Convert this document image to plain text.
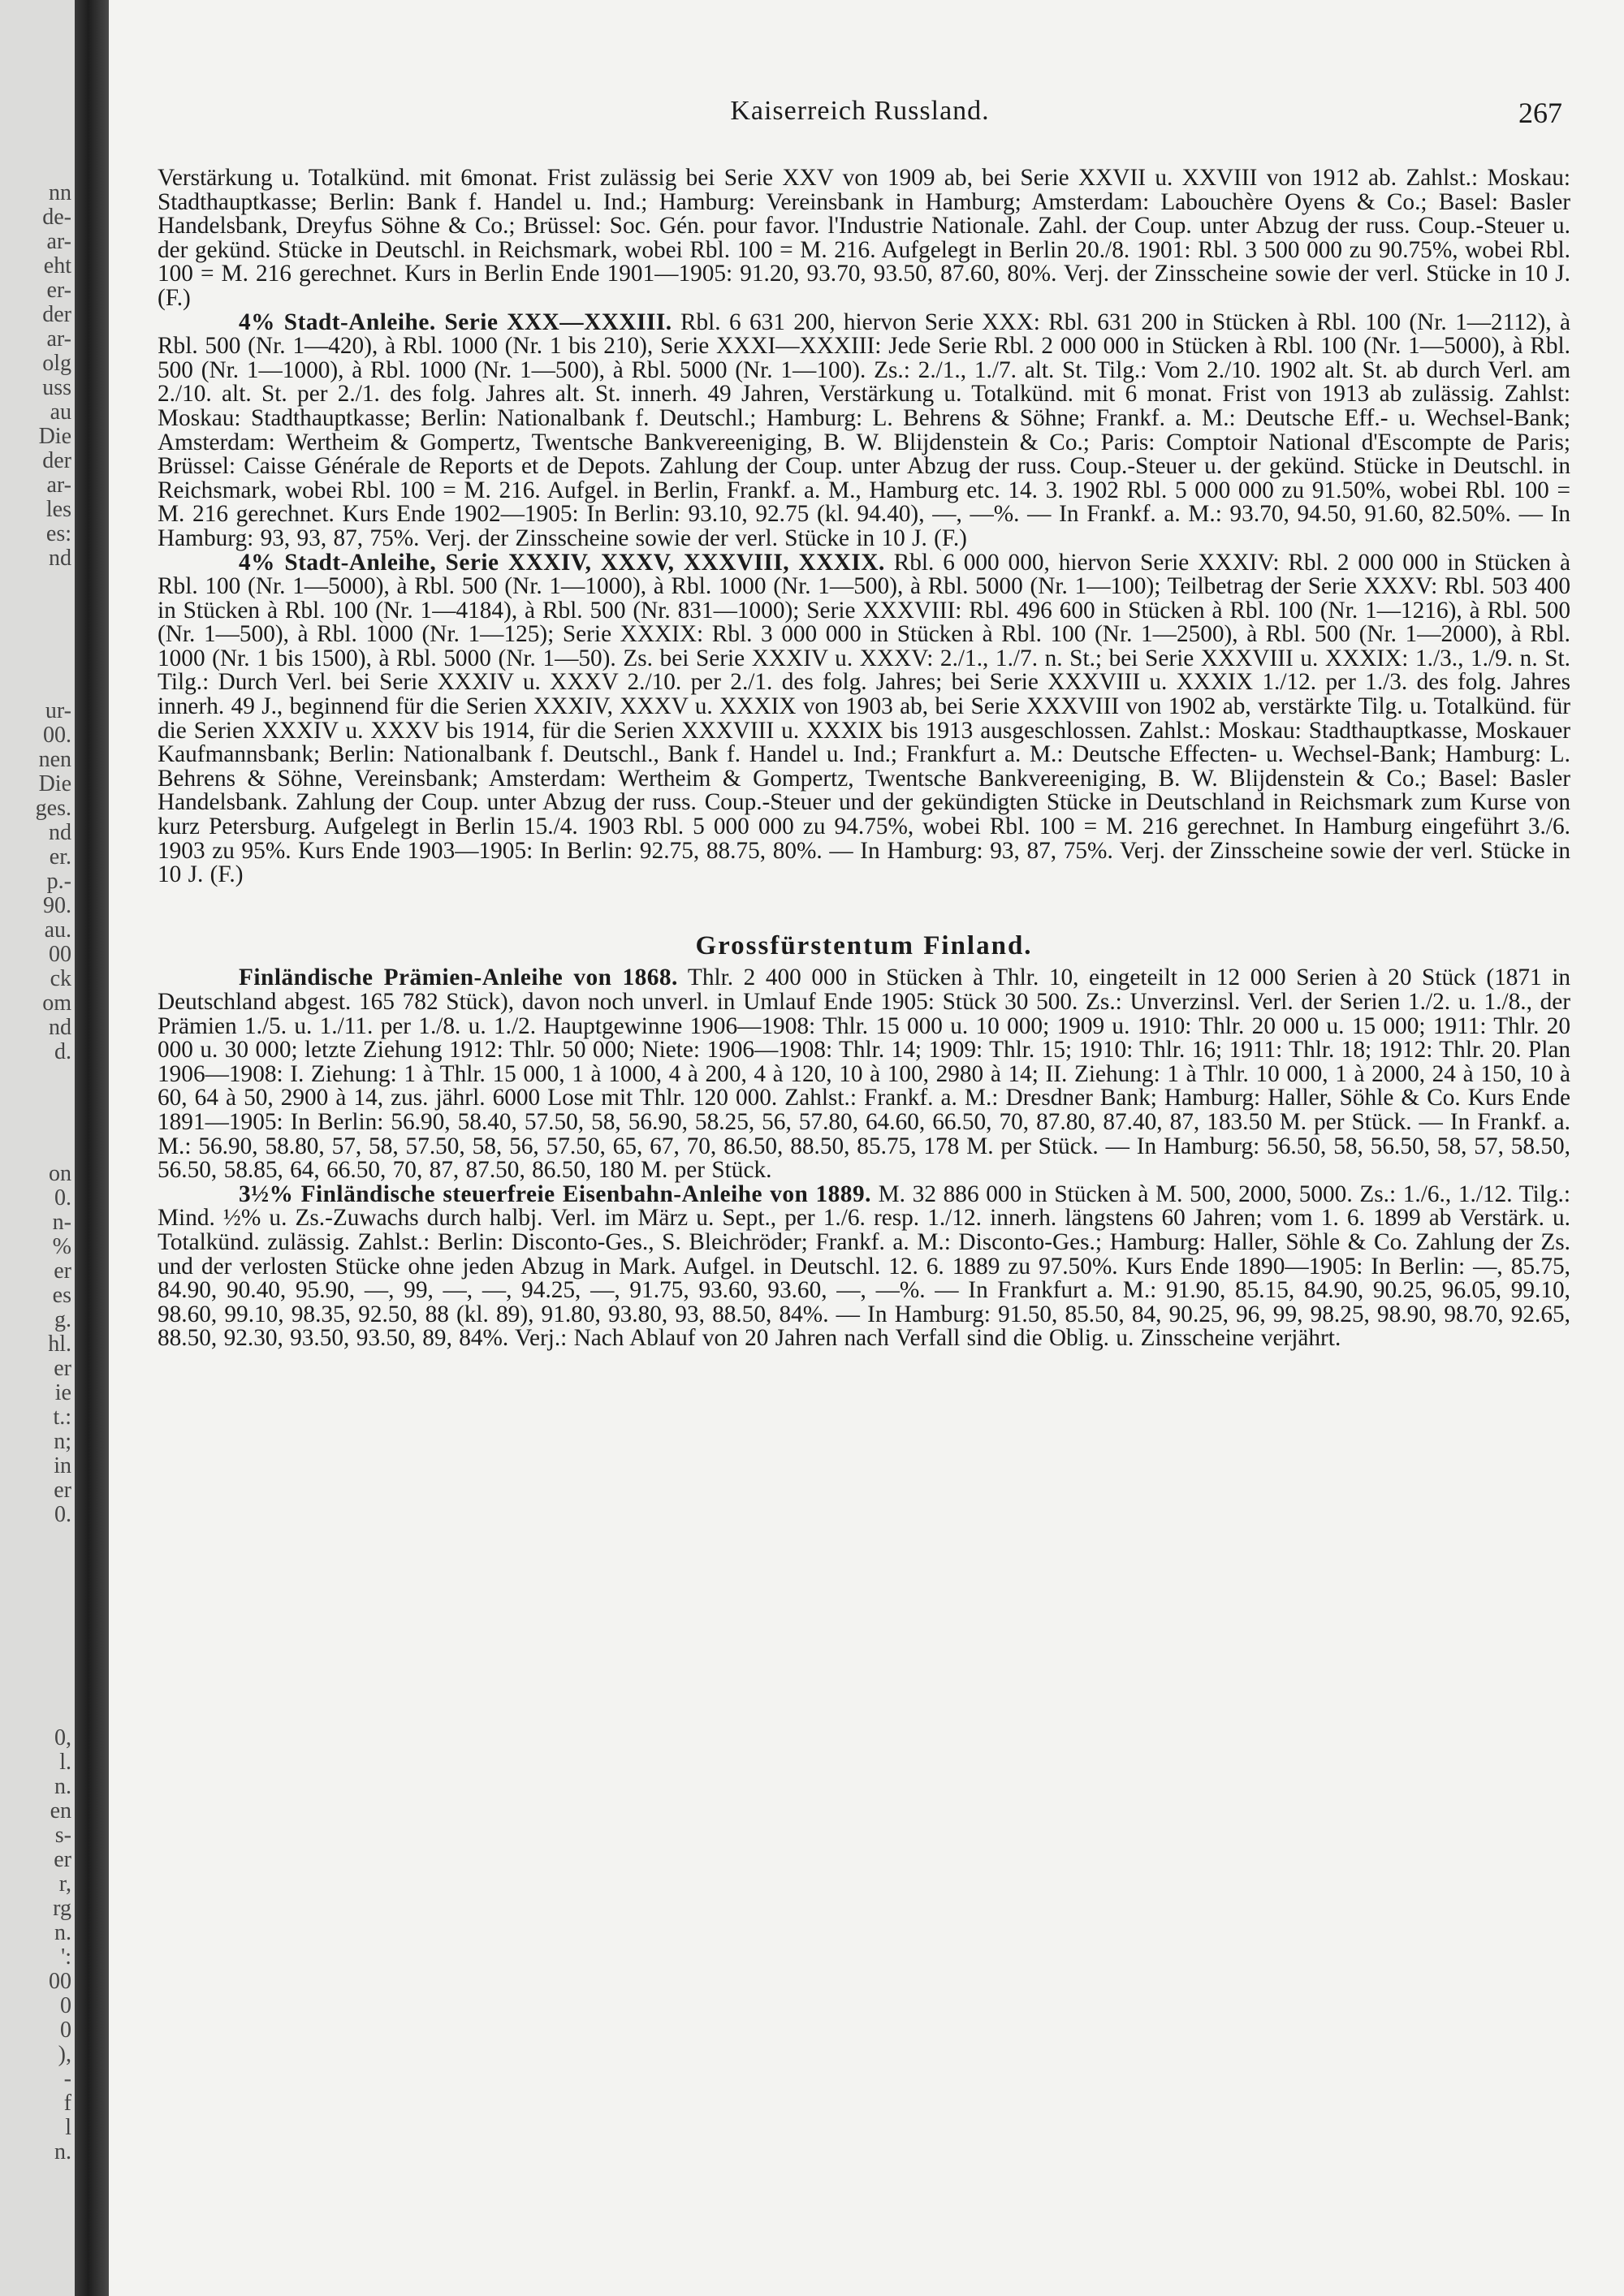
nn
de-
ar-
eht
er-
der
ar-
olg
uss
au
Die
der
ar-
les
es:
nd
ur-
00.
nen
Die
ges.
nd
er.
p.-
90.
au.
00
ck
om
nd
d.
on
0.
n-
%
er
es
g.
hl.
er
ie
t.:
n;
in
er
0.
0,
l.
n.
en
s-
er
r,
rg
n.
':
00
0
0
),
-
f
l
n.
Kaiserreich Russland.	267

Verstärkung u. Totalkünd. mit 6monat. Frist zulässig bei Serie XXV von 1909 ab, bei Serie XXVII u. XXVIII von 1912 ab. Zahlst.: Moskau: Stadthauptkasse; Berlin: Bank f. Handel u. Ind.; Hamburg: Vereinsbank in Hamburg; Amsterdam: Labouchère Oyens & Co.; Basel: Basler Handelsbank, Dreyfus Söhne & Co.; Brüssel: Soc. Gén. pour favor. l'Industrie Nationale. Zahl. der Coup. unter Abzug der russ. Coup.-Steuer u. der gekünd. Stücke in Deutschl. in Reichsmark, wobei Rbl. 100 = M. 216. Aufgelegt in Berlin 20./8. 1901: Rbl. 3 500 000 zu 90.75%, wobei Rbl. 100 = M. 216 gerechnet. Kurs in Berlin Ende 1901—1905: 91.20, 93.70, 93.50, 87.60, 80%. Verj. der Zinsscheine sowie der verl. Stücke in 10 J. (F.)

4% Stadt-Anleihe. Serie XXX—XXXIII. Rbl. 6 631 200, hiervon Serie XXX: Rbl. 631 200 in Stücken à Rbl. 100 (Nr. 1—2112), à Rbl. 500 (Nr. 1—420), à Rbl. 1000 (Nr. 1 bis 210), Serie XXXI—XXXIII: Jede Serie Rbl. 2 000 000 in Stücken à Rbl. 100 (Nr. 1—5000), à Rbl. 500 (Nr. 1—1000), à Rbl. 1000 (Nr. 1—500), à Rbl. 5000 (Nr. 1—100). Zs.: 2./1., 1./7. alt. St. Tilg.: Vom 2./10. 1902 alt. St. ab durch Verl. am 2./10. alt. St. per 2./1. des folg. Jahres alt. St. innerh. 49 Jahren, Verstärkung u. Totalkünd. mit 6 monat. Frist von 1913 ab zulässig. Zahlst: Moskau: Stadthauptkasse; Berlin: Nationalbank f. Deutschl.; Hamburg: L. Behrens & Söhne; Frankf. a. M.: Deutsche Eff.- u. Wechsel-Bank; Amsterdam: Wertheim & Gompertz, Twentsche Bankvereeniging, B. W. Blijdenstein & Co.; Paris: Comptoir National d'Escompte de Paris; Brüssel: Caisse Générale de Reports et de Depots. Zahlung der Coup. unter Abzug der russ. Coup.-Steuer u. der gekünd. Stücke in Deutschl. in Reichsmark, wobei Rbl. 100 = M. 216. Aufgel. in Berlin, Frankf. a. M., Hamburg etc. 14. 3. 1902 Rbl. 5 000 000 zu 91.50%, wobei Rbl. 100 = M. 216 gerechnet. Kurs Ende 1902—1905: In Berlin: 93.10, 92.75 (kl. 94.40), —, —%. — In Frankf. a. M.: 93.70, 94.50, 91.60, 82.50%. — In Hamburg: 93, 93, 87, 75%. Verj. der Zinsscheine sowie der verl. Stücke in 10 J. (F.)

4% Stadt-Anleihe, Serie XXXIV, XXXV, XXXVIII, XXXIX. Rbl. 6 000 000, hiervon Serie XXXIV: Rbl. 2 000 000 in Stücken à Rbl. 100 (Nr. 1—5000), à Rbl. 500 (Nr. 1—1000), à Rbl. 1000 (Nr. 1—500), à Rbl. 5000 (Nr. 1—100); Teilbetrag der Serie XXXV: Rbl. 503 400 in Stücken à Rbl. 100 (Nr. 1—4184), à Rbl. 500 (Nr. 831—1000); Serie XXXVIII: Rbl. 496 600 in Stücken à Rbl. 100 (Nr. 1—1216), à Rbl. 500 (Nr. 1—500), à Rbl. 1000 (Nr. 1—125); Serie XXXIX: Rbl. 3 000 000 in Stücken à Rbl. 100 (Nr. 1—2500), à Rbl. 500 (Nr. 1—2000), à Rbl. 1000 (Nr. 1 bis 1500), à Rbl. 5000 (Nr. 1—50). Zs. bei Serie XXXIV u. XXXV: 2./1., 1./7. n. St.; bei Serie XXXVIII u. XXXIX: 1./3., 1./9. n. St. Tilg.: Durch Verl. bei Serie XXXIV u. XXXV 2./10. per 2./1. des folg. Jahres; bei Serie XXXVIII u. XXXIX 1./12. per 1./3. des folg. Jahres innerh. 49 J., beginnend für die Serien XXXIV, XXXV u. XXXIX von 1903 ab, bei Serie XXXVIII von 1902 ab, verstärkte Tilg. u. Totalkünd. für die Serien XXXIV u. XXXV bis 1914, für die Serien XXXVIII u. XXXIX bis 1913 ausgeschlossen. Zahlst.: Moskau: Stadthauptkasse, Moskauer Kaufmannsbank; Berlin: Nationalbank f. Deutschl., Bank f. Handel u. Ind.; Frankfurt a. M.: Deutsche Effecten- u. Wechsel-Bank; Hamburg: L. Behrens & Söhne, Vereinsbank; Amsterdam: Wertheim & Gompertz, Twentsche Bankvereeniging, B. W. Blijdenstein & Co.; Basel: Basler Handelsbank. Zahlung der Coup. unter Abzug der russ. Coup.-Steuer und der gekündigten Stücke in Deutschland in Reichsmark zum Kurse von kurz Petersburg. Aufgelegt in Berlin 15./4. 1903 Rbl. 5 000 000 zu 94.75%, wobei Rbl. 100 = M. 216 gerechnet. In Hamburg eingeführt 3./6. 1903 zu 95%. Kurs Ende 1903—1905: In Berlin: 92.75, 88.75, 80%. — In Hamburg: 93, 87, 75%. Verj. der Zinsscheine sowie der verl. Stücke in 10 J. (F.)

Grossfürstentum Finland.

Finländische Prämien-Anleihe von 1868. Thlr. 2 400 000 in Stücken à Thlr. 10, eingeteilt in 12 000 Serien à 20 Stück (1871 in Deutschland abgest. 165 782 Stück), davon noch unverl. in Umlauf Ende 1905: Stück 30 500. Zs.: Unverzinsl. Verl. der Serien 1./2. u. 1./8., der Prämien 1./5. u. 1./11. per 1./8. u. 1./2. Hauptgewinne 1906—1908: Thlr. 15 000 u. 10 000; 1909 u. 1910: Thlr. 20 000 u. 15 000; 1911: Thlr. 20 000 u. 30 000; letzte Ziehung 1912: Thlr. 50 000; Niete: 1906—1908: Thlr. 14; 1909: Thlr. 15; 1910: Thlr. 16; 1911: Thlr. 18; 1912: Thlr. 20. Plan 1906—1908: I. Ziehung: 1 à Thlr. 15 000, 1 à 1000, 4 à 200, 4 à 120, 10 à 100, 2980 à 14; II. Ziehung: 1 à Thlr. 10 000, 1 à 2000, 24 à 150, 10 à 60, 64 à 50, 2900 à 14, zus. jährl. 6000 Lose mit Thlr. 120 000. Zahlst.: Frankf. a. M.: Dresdner Bank; Hamburg: Haller, Söhle & Co. Kurs Ende 1891—1905: In Berlin: 56.90, 58.40, 57.50, 58, 56.90, 58.25, 56, 57.80, 64.60, 66.50, 70, 87.80, 87.40, 87, 183.50 M. per Stück. — In Frankf. a. M.: 56.90, 58.80, 57, 58, 57.50, 58, 56, 57.50, 65, 67, 70, 86.50, 88.50, 85.75, 178 M. per Stück. — In Hamburg: 56.50, 58, 56.50, 58, 57, 58.50, 56.50, 58.85, 64, 66.50, 70, 87, 87.50, 86.50, 180 M. per Stück.

3½% Finländische steuerfreie Eisenbahn-Anleihe von 1889. M. 32 886 000 in Stücken à M. 500, 2000, 5000. Zs.: 1./6., 1./12. Tilg.: Mind. ½% u. Zs.-Zuwachs durch halbj. Verl. im März u. Sept., per 1./6. resp. 1./12. innerh. längstens 60 Jahren; vom 1. 6. 1899 ab Verstärk. u. Totalkünd. zulässig. Zahlst.: Berlin: Disconto-Ges., S. Bleichröder; Frankf. a. M.: Disconto-Ges.; Hamburg: Haller, Söhle & Co. Zahlung der Zs. und der verlosten Stücke ohne jeden Abzug in Mark. Aufgel. in Deutschl. 12. 6. 1889 zu 97.50%. Kurs Ende 1890—1905: In Berlin: —, 85.75, 84.90, 90.40, 95.90, —, 99, —, —, 94.25, —, 91.75, 93.60, 93.60, —, —%. — In Frankfurt a. M.: 91.90, 85.15, 84.90, 90.25, 96.05, 99.10, 98.60, 99.10, 98.35, 92.50, 88 (kl. 89), 91.80, 93.80, 93, 88.50, 84%. — In Hamburg: 91.50, 85.50, 84, 90.25, 96, 99, 98.25, 98.90, 98.70, 92.65, 88.50, 92.30, 93.50, 93.50, 89, 84%. Verj.: Nach Ablauf von 20 Jahren nach Verfall sind die Oblig. u. Zinsscheine verjährt.
